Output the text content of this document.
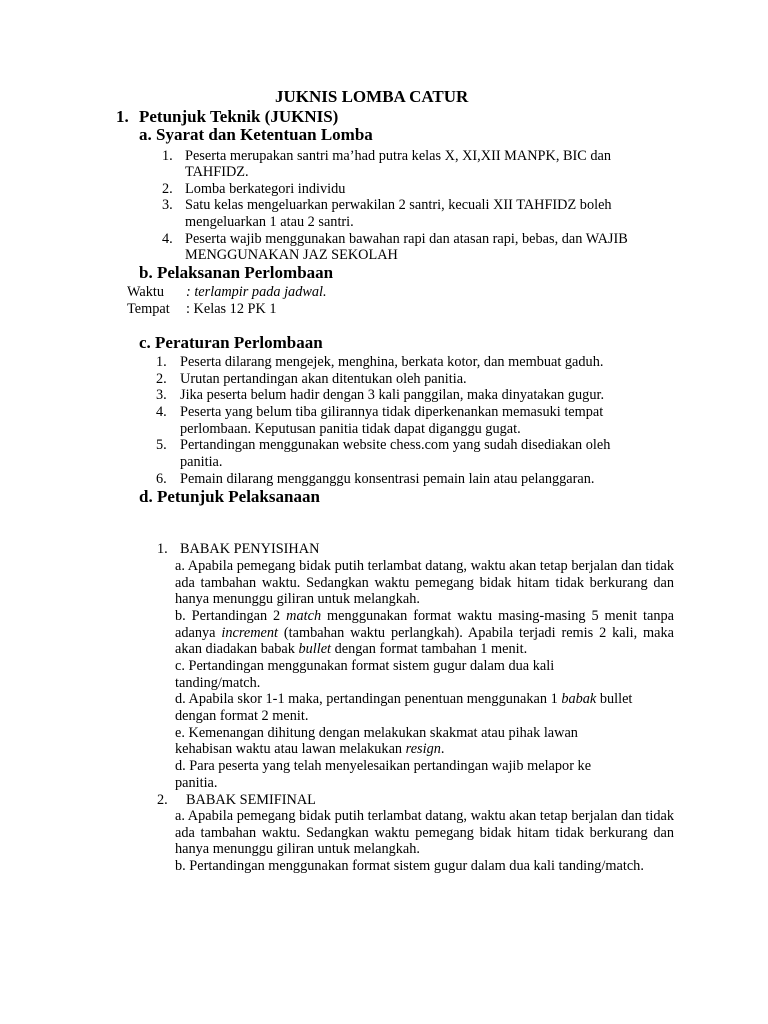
JUKNIS LOMBA CATUR
1. Petunjuk Teknik (JUKNIS)
a. Syarat dan Ketentuan Lomba
1. Peserta merupakan santri ma’had putra kelas X, XI,XII MANPK, BIC dan
TAHFIDZ.
2. Lomba berkategori individu
3. Satu kelas mengeluarkan perwakilan 2 santri, kecuali XII TAHFIDZ boleh
mengeluarkan 1 atau 2 santri.
4. Peserta wajib menggunakan bawahan rapi dan atasan rapi, bebas, dan WAJIB
MENGGUNAKAN JAZ SEKOLAH
b. Pelaksanan Perlombaan
Waktu : terlampir pada jadwal.
Tempat : Kelas 12 PK 1
c. Peraturan Perlombaan
1. Peserta dilarang mengejek, menghina, berkata kotor, dan membuat gaduh.
2. Urutan pertandingan akan ditentukan oleh panitia.
3. Jika peserta belum hadir dengan 3 kali panggilan, maka dinyatakan gugur.
4. Peserta yang belum tiba gilirannya tidak diperkenankan memasuki tempat
perlombaan. Keputusan panitia tidak dapat diganggu gugat.
5. Pertandingan menggunakan website chess.com yang sudah disediakan oleh
panitia.
6. Pemain dilarang mengganggu konsentrasi pemain lain atau pelanggaran.
d. Petunjuk Pelaksanaan
1. BABAK PENYISIHAN
a. Apabila pemegang bidak putih terlambat datang, waktu akan tetap berjalan dan tidak ada tambahan waktu. Sedangkan waktu pemegang bidak hitam tidak berkurang dan hanya menunggu giliran untuk melangkah.
b. Pertandingan 2 match menggunakan format waktu masing-masing 5 menit tanpa adanya increment (tambahan waktu perlangkah). Apabila terjadi remis 2 kali, maka akan diadakan babak bullet dengan format tambahan 1 menit.
c. Pertandingan menggunakan format sistem gugur dalam dua kali
tanding/match.
d. Apabila skor 1-1 maka, pertandingan penentuan menggunakan 1 babak bullet
dengan format 2 menit.
e. Kemenangan dihitung dengan melakukan skakmat atau pihak lawan
kehabisan waktu atau lawan melakukan resign.
d. Para peserta yang telah menyelesaikan pertandingan wajib melapor ke
panitia.
2. BABAK SEMIFINAL
a. Apabila pemegang bidak putih terlambat datang, waktu akan tetap berjalan dan tidak ada tambahan waktu. Sedangkan waktu pemegang bidak hitam tidak berkurang dan hanya menunggu giliran untuk melangkah.
b. Pertandingan menggunakan format sistem gugur dalam dua kali tanding/match.
